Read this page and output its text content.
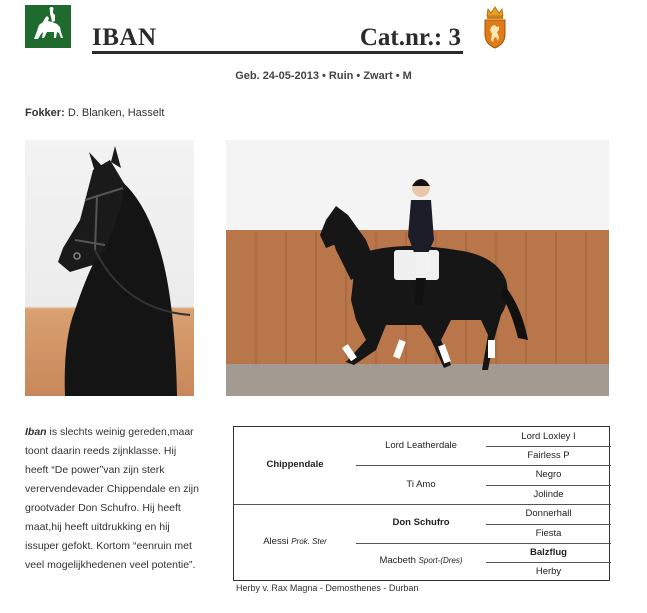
IBAN	Cat.nr.: 3
Geb. 24-05-2013 • Ruin • Zwart • M
Fokker: D. Blanken, Hasselt
Iban is slechts weinig gereden,maar
toont daarin reeds zijnklasse. Hij
heeft “De power”van zijn sterk
verervendevader Chippendale en zijn
grootvader Don Schufro. Hij heeft
maat,hij heeft uitdrukking en hij
issuper gefokt. Kortom “eenruin met
veel mogelijkhedenen veel potentie”.
Chippendale
Alessi Prok. Ster
Lord Leatherdale
Ti Amo
Don Schufro
Macbeth Sport-(Dres)
Lord Loxley I
Fairless P
Negro
Jolinde
Donnerhall
Fiesta
Balzflug
Herby
Herby v. Rax Magna - Demosthenes - Durban
